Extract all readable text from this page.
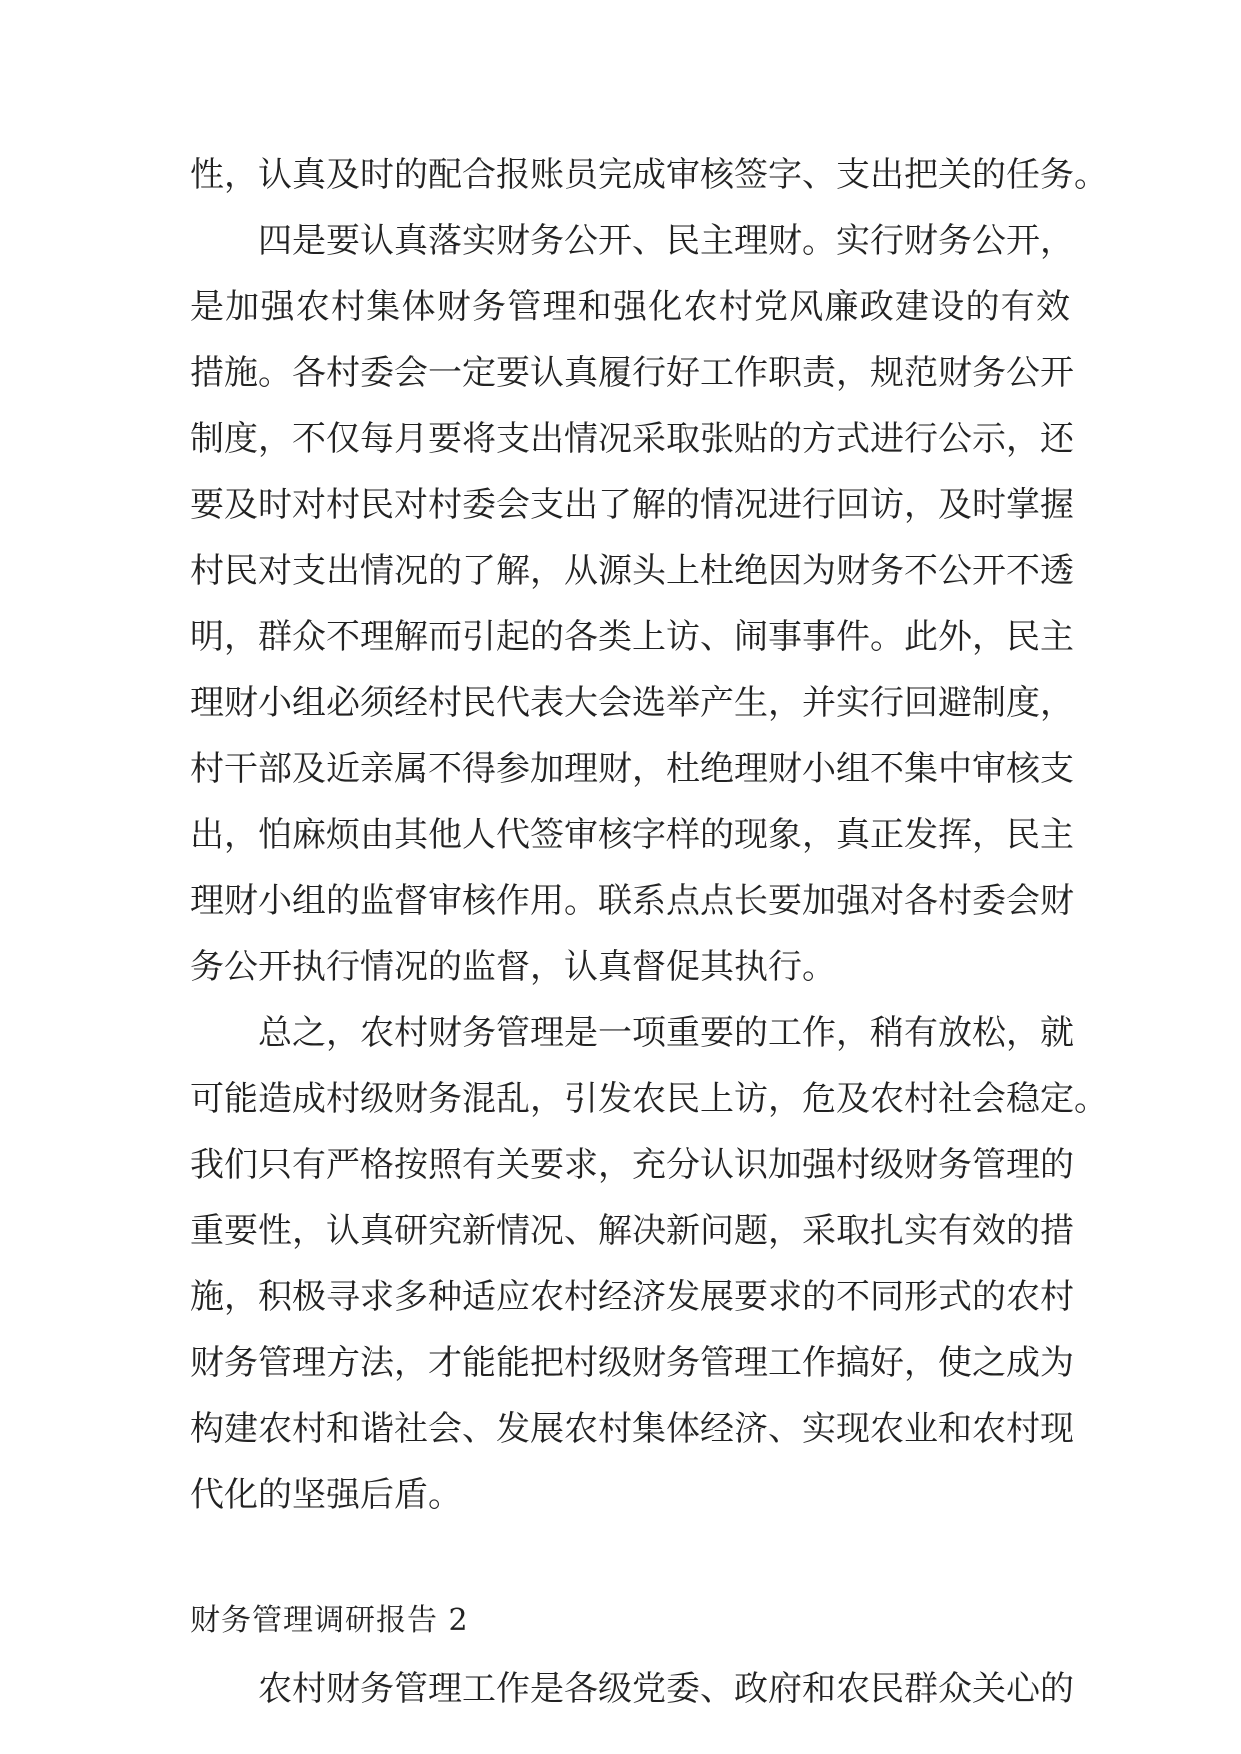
性，认真及时的配合报账员完成审核签字、支出把关的任务。
四是要认真落实财务公开、民主理财。实行财务公开，
是加强农村集体财务管理和强化农村党风廉政建设的有效
措施。各村委会一定要认真履行好工作职责，规范财务公开
制度，不仅每月要将支出情况采取张贴的方式进行公示，还
要及时对村民对村委会支出了解的情况进行回访，及时掌握
村民对支出情况的了解，从源头上杜绝因为财务不公开不透
明，群众不理解而引起的各类上访、闹事事件。此外，民主
理财小组必须经村民代表大会选举产生，并实行回避制度，
村干部及近亲属不得参加理财，杜绝理财小组不集中审核支
出，怕麻烦由其他人代签审核字样的现象，真正发挥，民主
理财小组的监督审核作用。联系点点长要加强对各村委会财
务公开执行情况的监督，认真督促其执行。
总之，农村财务管理是一项重要的工作，稍有放松，就
可能造成村级财务混乱，引发农民上访，危及农村社会稳定。
我们只有严格按照有关要求，充分认识加强村级财务管理的
重要性，认真研究新情况、解决新问题，采取扎实有效的措
施，积极寻求多种适应农村经济发展要求的不同形式的农村
财务管理方法，才能能把村级财务管理工作搞好，使之成为
构建农村和谐社会、发展农村集体经济、实现农业和农村现
代化的坚强后盾。
财务管理调研报告 2
农村财务管理工作是各级党委、政府和农民群众关心的
